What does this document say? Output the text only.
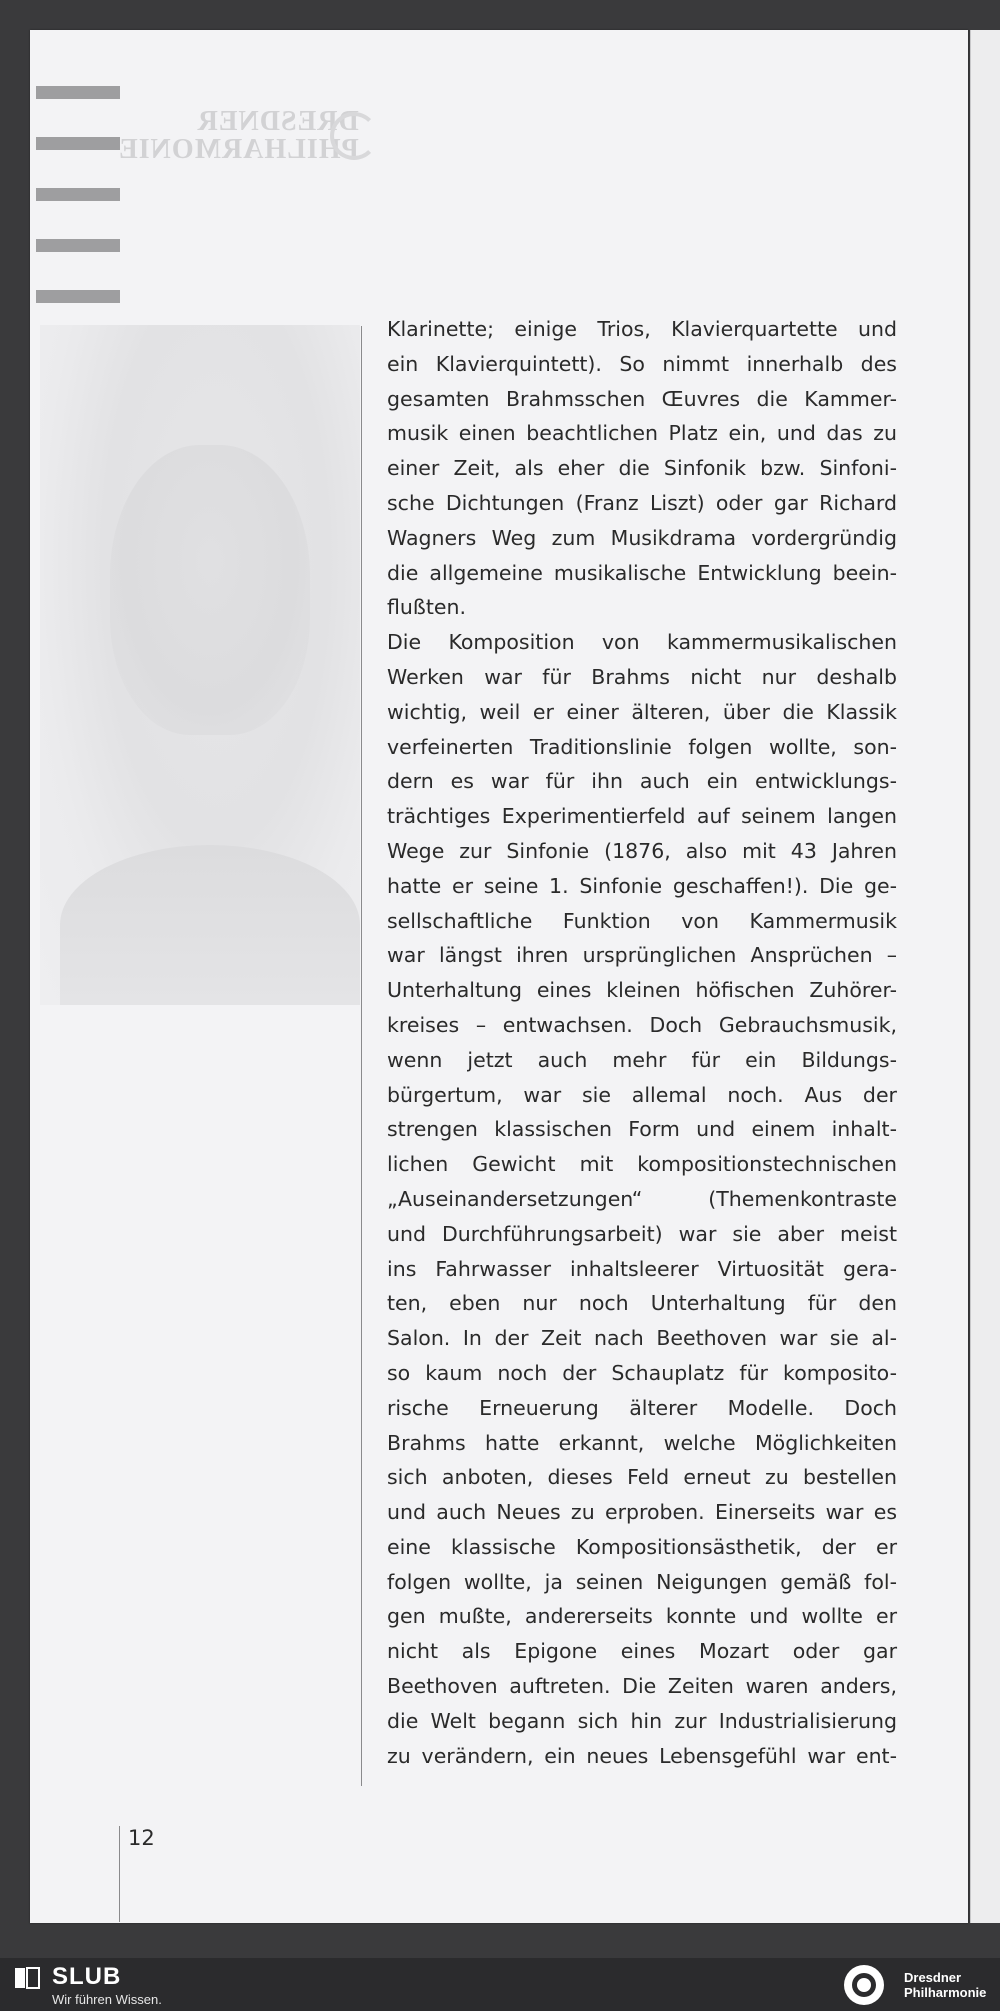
DRESDNER
PHILHARMONIE
Klarinette; einige Trios, Klavierquartette und
ein Klavierquintett). So nimmt innerhalb des
gesamten Brahmsschen Œuvres die Kammer-
musik einen beachtlichen Platz ein, und das zu
einer Zeit, als eher die Sinfonik bzw. Sinfoni-
sche Dichtungen (Franz Liszt) oder gar Richard
Wagners Weg zum Musikdrama vordergründig
die allgemeine musikalische Entwicklung beein-
flußten.
Die Komposition von kammermusikalischen
Werken war für Brahms nicht nur deshalb
wichtig, weil er einer älteren, über die Klassik
verfeinerten Traditionslinie folgen wollte, son-
dern es war für ihn auch ein entwicklungs-
trächtiges Experimentierfeld auf seinem langen
Wege zur Sinfonie (1876, also mit 43 Jahren
hatte er seine 1. Sinfonie geschaffen!). Die ge-
sellschaftliche Funktion von Kammermusik
war längst ihren ursprünglichen Ansprüchen –
Unterhaltung eines kleinen höfischen Zuhörer-
kreises – entwachsen. Doch Gebrauchsmusik,
wenn jetzt auch mehr für ein Bildungs-
bürgertum, war sie allemal noch. Aus der
strengen klassischen Form und einem inhalt-
lichen Gewicht mit kompositionstechnischen
„Auseinandersetzungen“ (Themenkontraste
und Durchführungsarbeit) war sie aber meist
ins Fahrwasser inhaltsleerer Virtuosität gera-
ten, eben nur noch Unterhaltung für den
Salon. In der Zeit nach Beethoven war sie al-
so kaum noch der Schauplatz für komposito-
rische Erneuerung älterer Modelle. Doch
Brahms hatte erkannt, welche Möglichkeiten
sich anboten, dieses Feld erneut zu bestellen
und auch Neues zu erproben. Einerseits war es
eine klassische Kompositionsästhetik, der er
folgen wollte, ja seinen Neigungen gemäß fol-
gen mußte, andererseits konnte und wollte er
nicht als Epigone eines Mozart oder gar
Beethoven auftreten. Die Zeiten waren anders,
die Welt begann sich hin zur Industrialisierung
zu verändern, ein neues Lebensgefühl war ent-
12
SLUB
Wir führen Wissen.
Dresdner
Philharmonie
